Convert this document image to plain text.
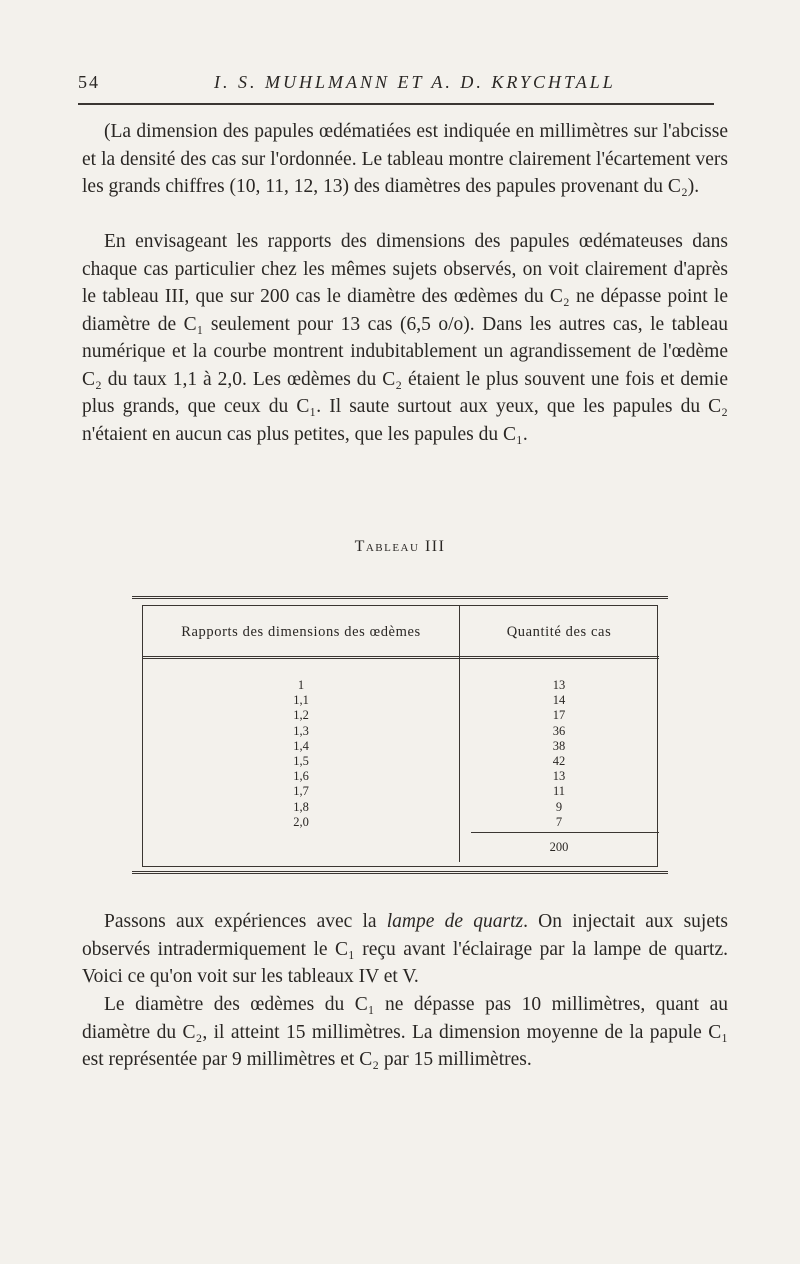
54	I. S. MUHLMANN ET A. D. KRYCHTALL

(La dimension des papules œdématiées est indiquée en millimètres sur l'abcisse et la densité des cas sur l'ordonnée. Le tableau montre clairement l'écartement vers les grands chiffres (10, 11, 12, 13) des diamètres des papules provenant du C₂).

En envisageant les rapports des dimensions des papules œdémateuses dans chaque cas particulier chez les mêmes sujets observés, on voit clairement d'après le tableau III, que sur 200 cas le diamètre des œdèmes du C₂ ne dépasse point le diamètre de C₁ seulement pour 13 cas (6,5 o/o). Dans les autres cas, le tableau numérique et la courbe montrent indubitablement un agrandissement de l'œdème C₂ du taux 1,1 à 2,0. Les œdèmes du C₂ étaient le plus souvent une fois et demie plus grands, que ceux du C₁. Il saute surtout aux yeux, que les papules du C₂ n'étaient en aucun cas plus petites, que les papules du C₁.

Tableau III
Rapports des dimensions des œdèmes	Quantité des cas
1
1,1
1,2
1,3
1,4
1,5
1,6
1,7
1,8
2,0
13
14
17
36
38
42
13
11
9
7
200

Passons aux expériences avec la lampe de quartz. On injectait aux sujets observés intradermiquement le C₁ reçu avant l'éclairage par la lampe de quartz. Voici ce qu'on voit sur les tableaux IV et V.

Le diamètre des œdèmes du C₁ ne dépasse pas 10 millimètres, quant au diamètre du C₂, il atteint 15 millimètres. La dimension moyenne de la papule C₁ est représentée par 9 millimètres et C₂ par 15 millimètres.
